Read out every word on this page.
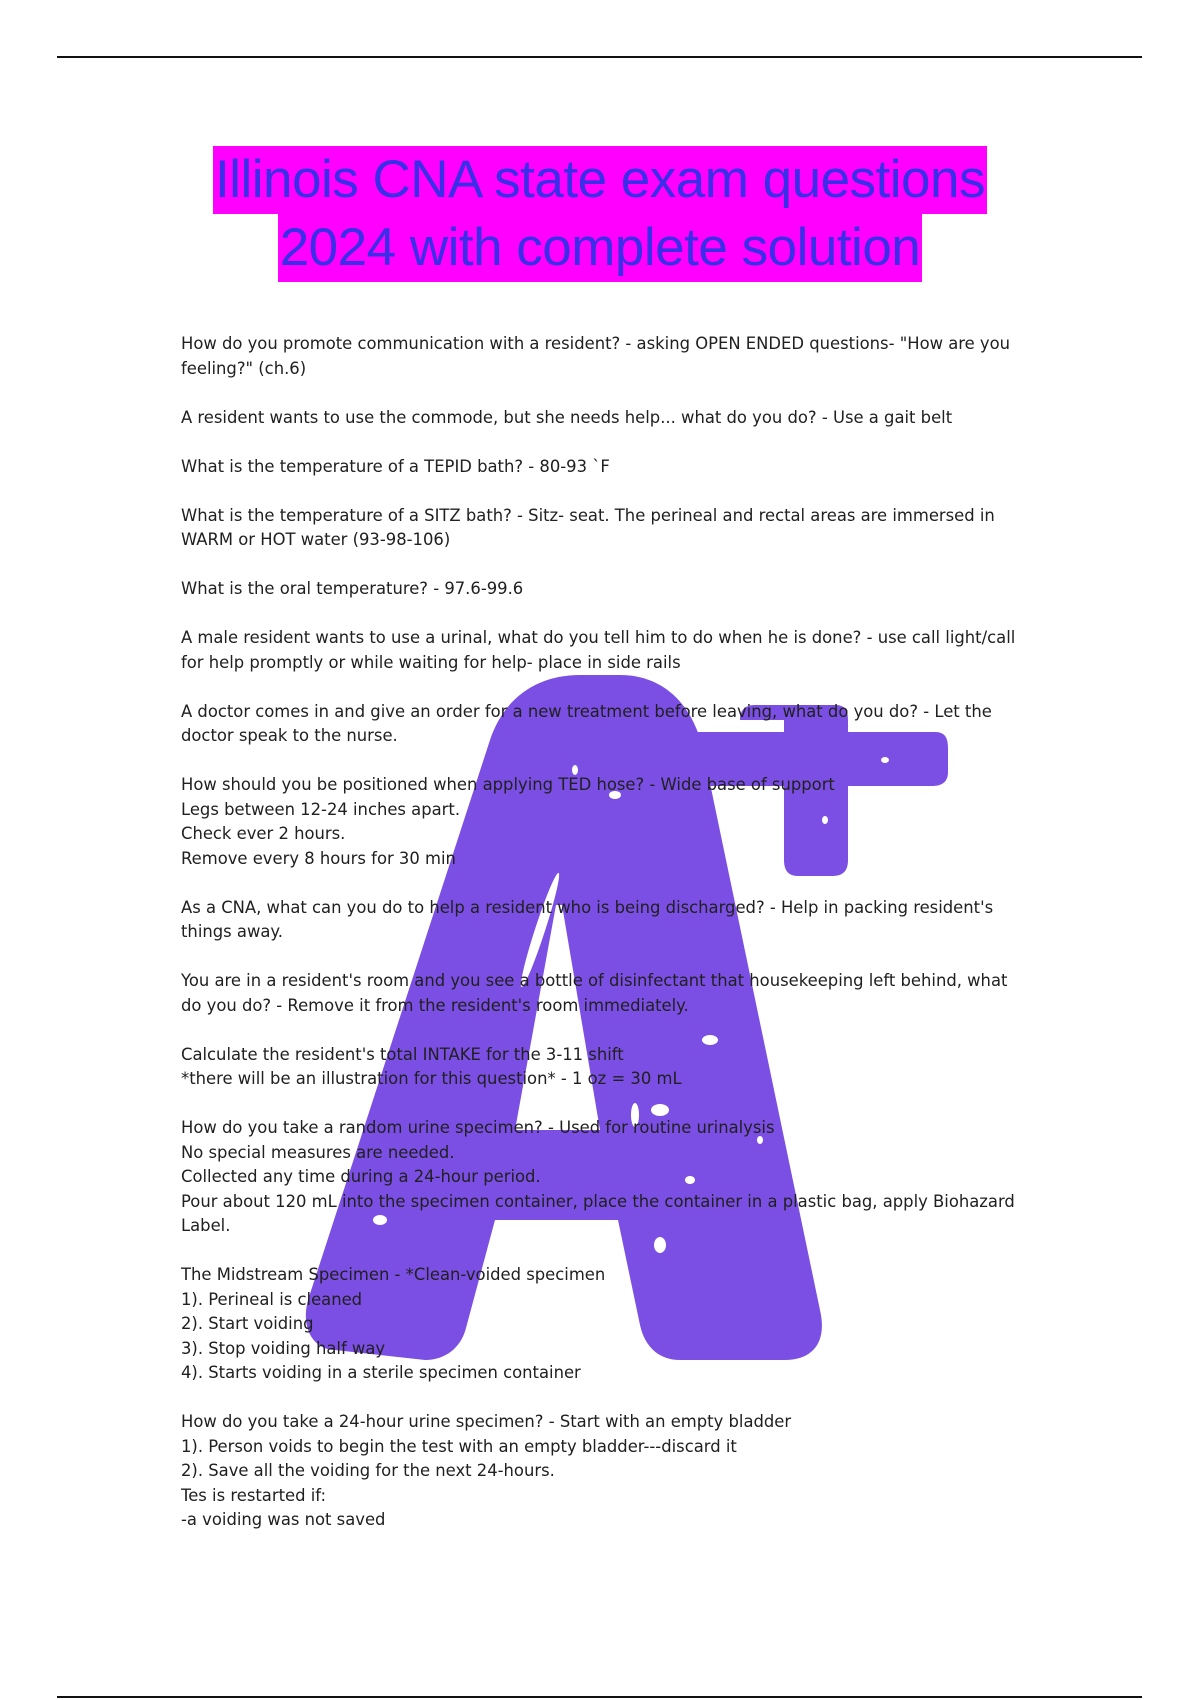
Illinois CNA state exam questions
2024 with complete solution
How do you promote communication with a resident? - asking OPEN ENDED questions- "How are you feeling?" (ch.6)
A resident wants to use the commode, but she needs help... what do you do? - Use a gait belt
What is the temperature of a TEPID bath? - 80-93 `F
What is the temperature of a SITZ bath? - Sitz- seat. The perineal and rectal areas are immersed in WARM or HOT water (93-98-106)
What is the oral temperature? - 97.6-99.6
A male resident wants to use a urinal, what do you tell him to do when he is done? - use call light/call for help promptly or while waiting for help- place in side rails
A doctor comes in and give an order for a new treatment before leaving, what do you do? - Let the doctor speak to the nurse.
How should you be positioned when applying TED hose? - Wide base of support
Legs between 12-24 inches apart.
Check ever 2 hours.
Remove every 8 hours for 30 min
As a CNA, what can you do to help a resident who is being discharged? - Help in packing resident's things away.
You are in a resident's room and you see a bottle of disinfectant that housekeeping left behind, what do you do? - Remove it from the resident's room immediately.
Calculate the resident's total INTAKE for the 3-11 shift
*there will be an illustration for this question* - 1 oz = 30 mL
How do you take a random urine specimen? - Used for routine urinalysis
No special measures are needed.
Collected any time during a 24-hour period.
Pour about 120 mL into the specimen container, place the container in a plastic bag, apply Biohazard Label.
The Midstream Specimen - *Clean-voided specimen
1). Perineal is cleaned
2). Start voiding
3). Stop voiding half way
4). Starts voiding in a sterile specimen container
How do you take a 24-hour urine specimen? - Start with an empty bladder
1). Person voids to begin the test with an empty bladder---discard it
2). Save all the voiding for the next 24-hours.
Tes is restarted if:
-a voiding was not saved
